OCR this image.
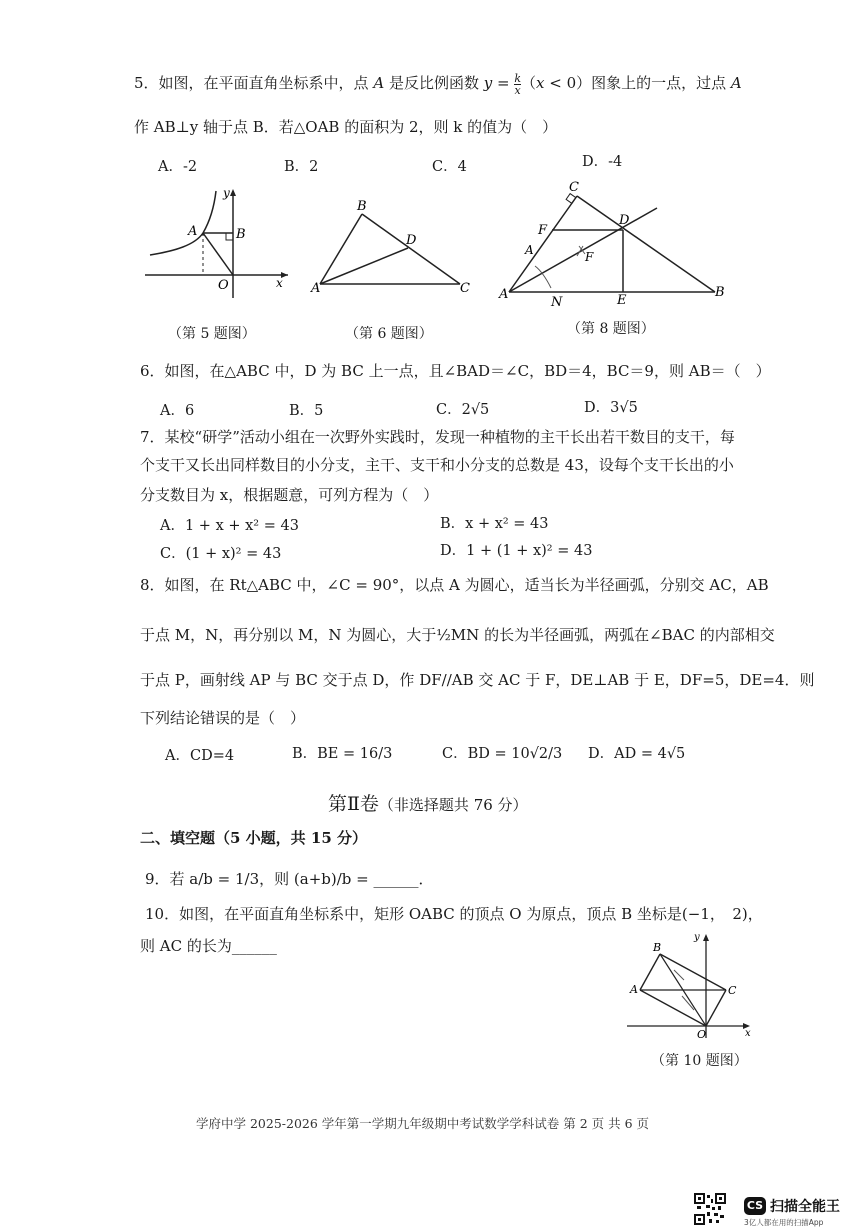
5．如图，在平面直角坐标系中，点 A 是反比例函数 $y = \frac{k}{x} (x < 0)$图象上的一点，过点 A
作 AB⊥y 轴于点 B．若△OAB 的面积为 2，则 k 的值为（　）
A．-2	B．2	C．4	D．-4
A	B
O	x
y
（第 5 题图）
B
D
A	C
（第 6 题图）
C
F
D
A	F
A
N	E
B
（第 8 题图）
6．如图，在△ABC 中，D 为 BC 上一点，且∠BAD＝∠C，BD＝4，BC＝9，则 AB＝（　）
A．6	B．5	C．2√5	D．3√5
7．某校“研学”活动小组在一次野外实践时，发现一种植物的主干长出若干数目的支干，每
个支干又长出同样数目的小分支，主干、支干和小分支的总数是 43，设每个支干长出的小
分支数目为 x，根据题意，可列方程为（　）
A．1 + x + x² = 43	B．x + x² = 43
C．(1 + x)² = 43	D．1 + (1 + x)² = 43
8．如图，在 Rt△ABC 中，∠C = 90°，以点 A 为圆心，适当长为半径画弧，分别交 AC，AB
于点 M，N，再分别以 M，N 为圆心，大于½MN 的长为半径画弧，两弧在∠BAC 的内部相交
于点 P，画射线 AP 与 BC 交于点 D，作 DF//AB 交 AC 于 F，DE⊥AB 于 E，DF=5，DE=4．则
下列结论错误的是（　）
A．CD=4	B．BE = 16/3	C．BD = 10√2/3 D．AD = 4√5
第Ⅱ卷（非选择题共 76 分）
二、填空题（5 小题，共 15 分）
9．若 a/b = 1/3，则 (a+b)/b = ______．
10．如图，在平面直角坐标系中，矩形 OABC 的顶点 O 为原点，顶点 B 坐标是(−1，　2)，
则 AC 的长为______	B
A	C
O	x
y
（第 10 题图）
学府中学 2025-2026 学年第一学期九年级期中考试数学学科试卷 第 2 页 共 6 页
CS 扫描全能王
3亿人都在用的扫描App
